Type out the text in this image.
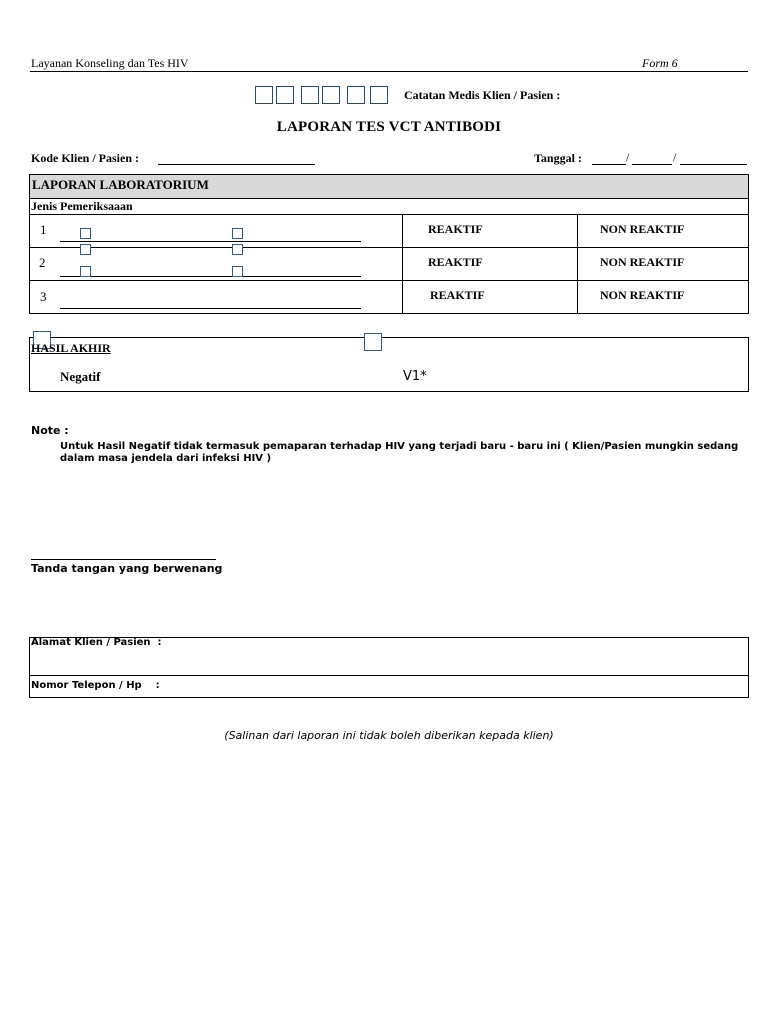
Layanan Konseling dan Tes HIV	Form 6
Catatan Medis Klien / Pasien :
LAPORAN TES VCT ANTIBODI
Kode Klien / Pasien :	Tanggal :	/	/
LAPORAN LABORATORIUM
Jenis Pemeriksaaan
1	REAKTIF	NON REAKTIF
2	REAKTIF	NON REAKTIF
3	REAKTIF	NON REAKTIF
HASIL AKHIR
Negatif	V1*
Note :
Untuk Hasil Negatif tidak termasuk pemaparan terhadap HIV yang terjadi baru - baru ini ( Klien/Pasien mungkin sedang
dalam masa jendela dari infeksi HIV )
Tanda tangan yang berwenang
Alamat Klien / Pasien  :
Nomor Telepon / Hp    :
(Salinan dari laporan ini tidak boleh diberikan kepada klien)
